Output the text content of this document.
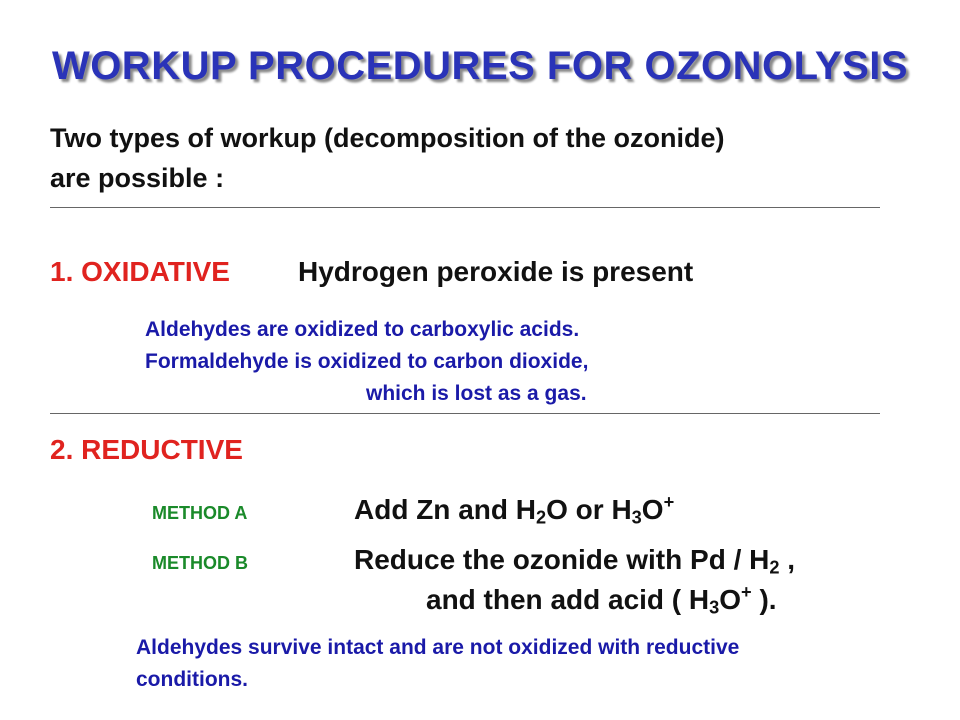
WORKUP PROCEDURES FOR OZONOLYSIS
Two types of workup (decomposition of the ozonide)
are possible :
1. OXIDATIVE Hydrogen peroxide is present
Aldehydes are oxidized to carboxylic acids.
Formaldehyde is oxidized to carbon dioxide,
which is lost as a gas.
2. REDUCTIVE
METHOD A	Add Zn and $H_2O$ or $H_3O^+$
METHOD B	Reduce the ozonide with Pd / $H_2$ ,
and then add acid ( $H_3O^+$ ).
Aldehydes survive intact and are not oxidized with reductive
conditions.
